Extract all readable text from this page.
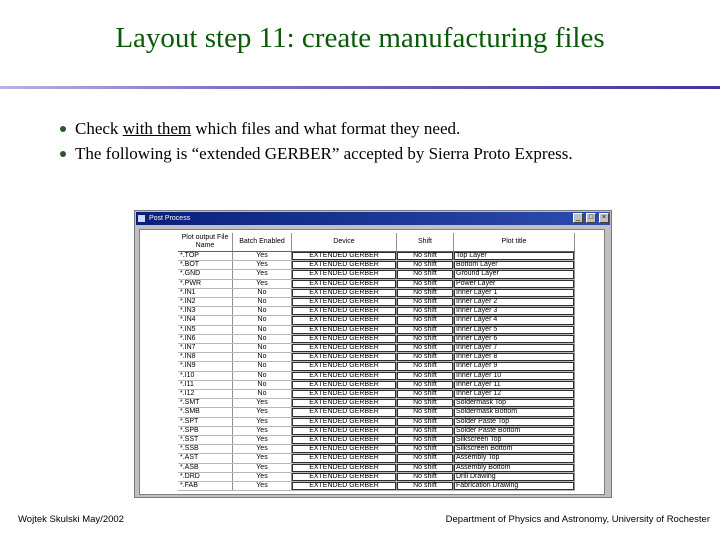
Layout step 11: create manufacturing files
Check with them which files and what format they need.
The following is “extended GERBER” accepted by Sierra Proto Express.
Post Process	_ □ ×
Plot output File Name	Batch Enabled	Device	Shift	Plot title
*.TOP	Yes	EXTENDED GERBER	No shift	Top Layer
*.BOT	Yes	EXTENDED GERBER	No shift	Bottom Layer
*.GND	Yes	EXTENDED GERBER	No shift	Ground Layer
*.PWR	Yes	EXTENDED GERBER	No shift	Power Layer
*.IN1	No	EXTENDED GERBER	No shift	Inner Layer 1
*.IN2	No	EXTENDED GERBER	No shift	Inner Layer 2
*.IN3	No	EXTENDED GERBER	No shift	Inner Layer 3
*.IN4	No	EXTENDED GERBER	No shift	Inner Layer 4
*.IN5	No	EXTENDED GERBER	No shift	Inner Layer 5
*.IN6	No	EXTENDED GERBER	No shift	Inner Layer 6
*.IN7	No	EXTENDED GERBER	No shift	Inner Layer 7
*.IN8	No	EXTENDED GERBER	No shift	Inner Layer 8
*.IN9	No	EXTENDED GERBER	No shift	Inner Layer 9
*.I10	No	EXTENDED GERBER	No shift	Inner Layer 10
*.I11	No	EXTENDED GERBER	No shift	Inner Layer 11
*.I12	No	EXTENDED GERBER	No shift	Inner Layer 12
*.SMT	Yes	EXTENDED GERBER	No shift	Soldermask Top
*.SMB	Yes	EXTENDED GERBER	No shift	Soldermask Bottom
*.SPT	Yes	EXTENDED GERBER	No shift	Solder Paste Top
*.SPB	Yes	EXTENDED GERBER	No shift	Solder Paste Bottom
*.SST	Yes	EXTENDED GERBER	No shift	Silkscreen Top
*.SSB	Yes	EXTENDED GERBER	No shift	Silkscreen Bottom
*.AST	Yes	EXTENDED GERBER	No shift	Assembly Top
*.ASB	Yes	EXTENDED GERBER	No shift	Assembly Bottom
*.DRD	Yes	EXTENDED GERBER	No shift	Drill Drawing
*.FAB	Yes	EXTENDED GERBER	No shift	Fabrication Drawing
Wojtek Skulski May/2002	Department of Physics and Astronomy, University of Rochester
